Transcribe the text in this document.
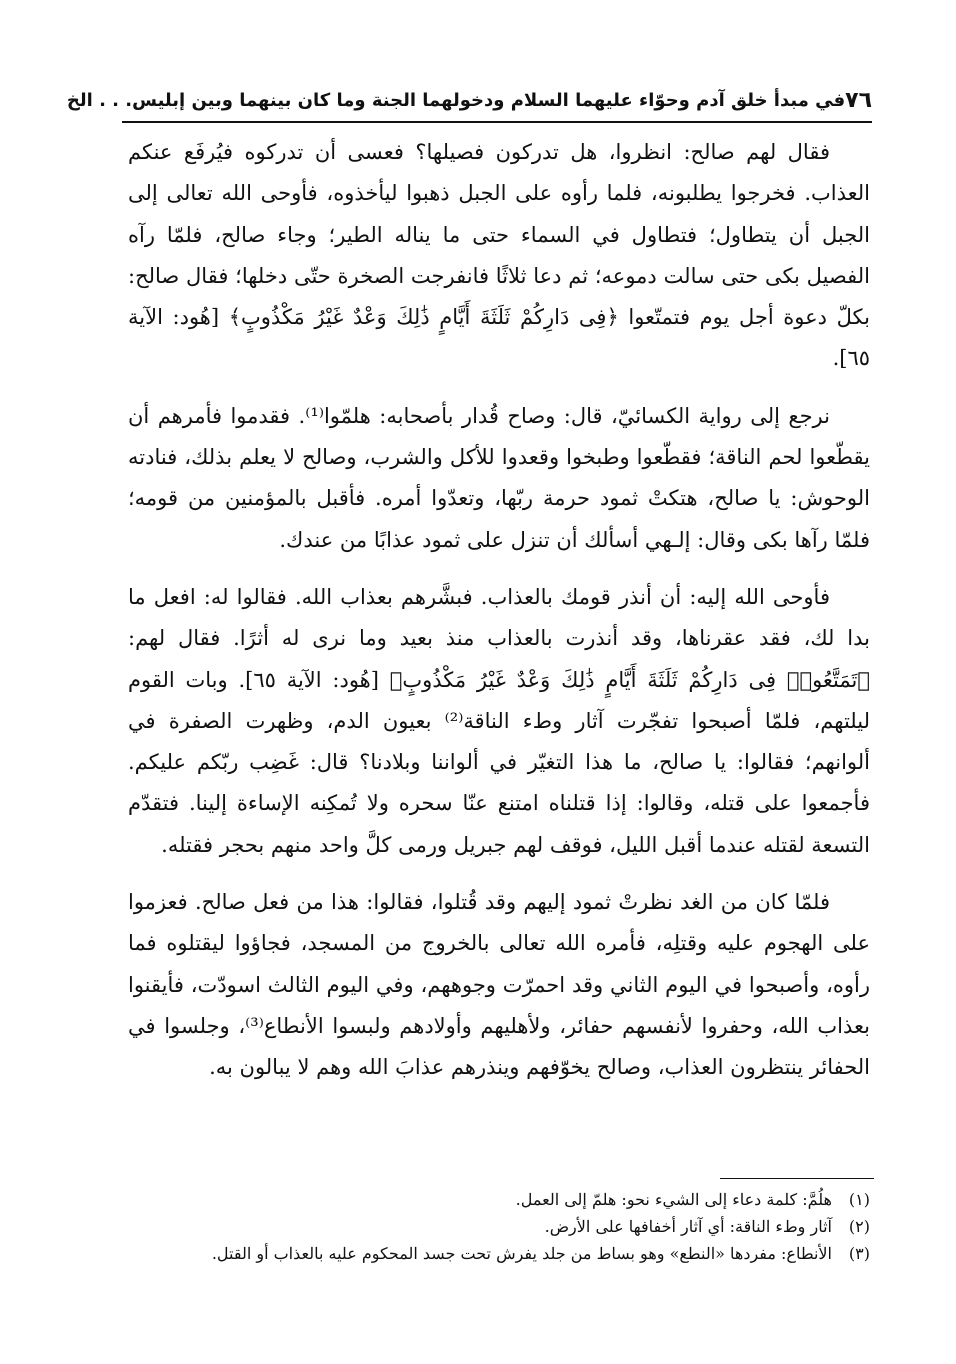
٧٦
في مبدأ خلق آدم وحوّاء عليهما السلام ودخولهما الجنة وما كان بينهما وبين إبليس. . . الخ

فقال لهم صالح: انظروا، هل تدركون فصيلها؟ فعسى أن تدركوه فيُرفَع عنكم العذاب. فخرجوا يطلبونه، فلما رأوه على الجبل ذهبوا ليأخذوه، فأوحى الله تعالى إلى الجبل أن يتطاول؛ فتطاول في السماء حتى ما يناله الطير؛ وجاء صالح، فلمّا رآه الفصيل بكى حتى سالت دموعه؛ ثم دعا ثلاثًا فانفرجت الصخرة حتّى دخلها؛ فقال صالح: بكلّ دعوة أجل يوم فتمتّعوا ﴿فِى دَارِكُمْ ثَلَثَةَ أَيَّامٍ ذَٰلِكَ وَعْدٌ غَيْرُ مَكْذُوبٍ﴾ [هُود: الآية ٦٥].

نرجع إلى رواية الكسائيّ، قال: وصاح قُدار بأصحابه: هلمّوا⁽¹⁾. فقدموا فأمرهم أن يقطّعوا لحم الناقة؛ فقطّعوا وطبخوا وقعدوا للأكل والشرب، وصالح لا يعلم بذلك، فنادته الوحوش: يا صالح، هتكتْ ثمود حرمة ربّها، وتعدّوا أمره. فأقبل بالمؤمنين من قومه؛ فلمّا رآها بكى وقال: إلـهي أسألك أن تنزل على ثمود عذابًا من عندك.

فأوحى الله إليه: أن أنذر قومك بالعذاب. فبشَّرهم بعذاب الله. فقالوا له: افعل ما بدا لك، فقد عقرناها، وقد أنذرت بالعذاب منذ بعيد وما نرى له أثرًا. فقال لهم: ﴿تَمَتَّعُوا۟ فِى دَارِكُمْ ثَلَثَةَ أَيَّامٍ ذَٰلِكَ وَعْدٌ غَيْرُ مَكْذُوبٍ﴾ [هُود: الآية ٦٥]. وبات القوم ليلتهم، فلمّا أصبحوا تفجّرت آثار وطء الناقة⁽²⁾ بعيون الدم، وظهرت الصفرة في ألوانهم؛ فقالوا: يا صالح، ما هذا التغيّر في ألواننا وبلادنا؟ قال: غَضِب ربّكم عليكم. فأجمعوا على قتله، وقالوا: إذا قتلناه امتنع عنّا سحره ولا تُمكِنه الإساءة إلينا. فتقدّم التسعة لقتله عندما أقبل الليل، فوقف لهم جبريل ورمى كلَّ واحد منهم بحجر فقتله.

فلمّا كان من الغد نظرتْ ثمود إليهم وقد قُتلوا، فقالوا: هذا من فعل صالح. فعزموا على الهجوم عليه وقتلِه، فأمره الله تعالى بالخروج من المسجد، فجاؤوا ليقتلوه فما رأوه، وأصبحوا في اليوم الثاني وقد احمرّت وجوههم، وفي اليوم الثالث اسودّت، فأيقنوا بعذاب الله، وحفروا لأنفسهم حفائر، ولأهليهم وأولادهم ولبسوا الأنطاع⁽³⁾، وجلسوا في الحفائر ينتظرون العذاب، وصالح يخوّفهم وينذرهم عذابَ الله وهم لا يبالون به.

(١)
هلُمَّ: كلمة دعاء إلى الشيء نحو: هلمّ إلى العمل.

(٢)
آثار وطء الناقة: أي آثار أخفافها على الأرض.

(٣)
الأنطاع: مفردها «النطع» وهو بساط من جلد يفرش تحت جسد المحكوم عليه بالعذاب أو القتل.
